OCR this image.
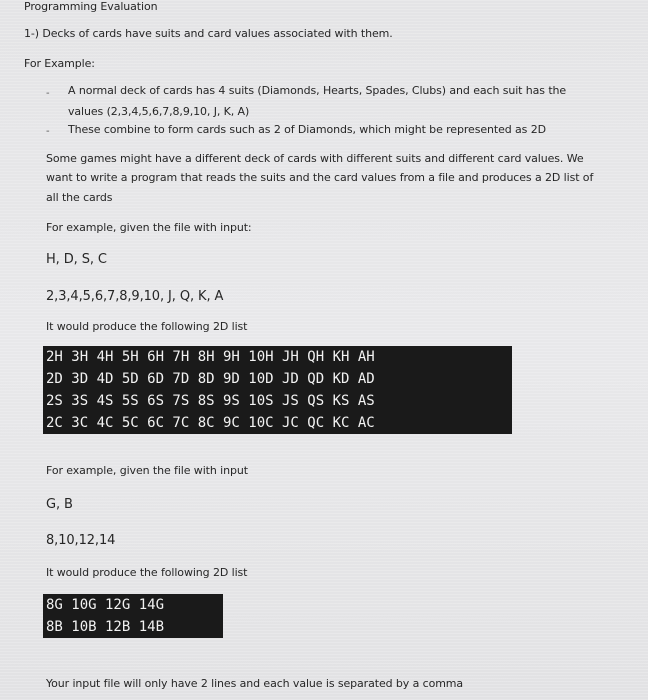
Programming Evaluation
1-) Decks of cards have suits and card values associated with them.
For Example:
- A normal deck of cards has 4 suits (Diamonds, Hearts, Spades, Clubs) and each suit has the
values (2,3,4,5,6,7,8,9,10, J, K, A)
- These combine to form cards such as 2 of Diamonds, which might be represented as 2D
Some games might have a different deck of cards with different suits and different card values. We
want to write a program that reads the suits and the card values from a file and produces a 2D list of
all the cards
For example, given the file with input:
H, D, S, C
2,3,4,5,6,7,8,9,10, J, Q, K, A
It would produce the following 2D list
2H 3H 4H 5H 6H 7H 8H 9H 10H JH QH KH AH
2D 3D 4D 5D 6D 7D 8D 9D 10D JD QD KD AD
2S 3S 4S 5S 6S 7S 8S 9S 10S JS QS KS AS
2C 3C 4C 5C 6C 7C 8C 9C 10C JC QC KC AC
For example, given the file with input
G, B
8,10,12,14
It would produce the following 2D list
8G 10G 12G 14G
8B 10B 12B 14B
Your input file will only have 2 lines and each value is separated by a comma
